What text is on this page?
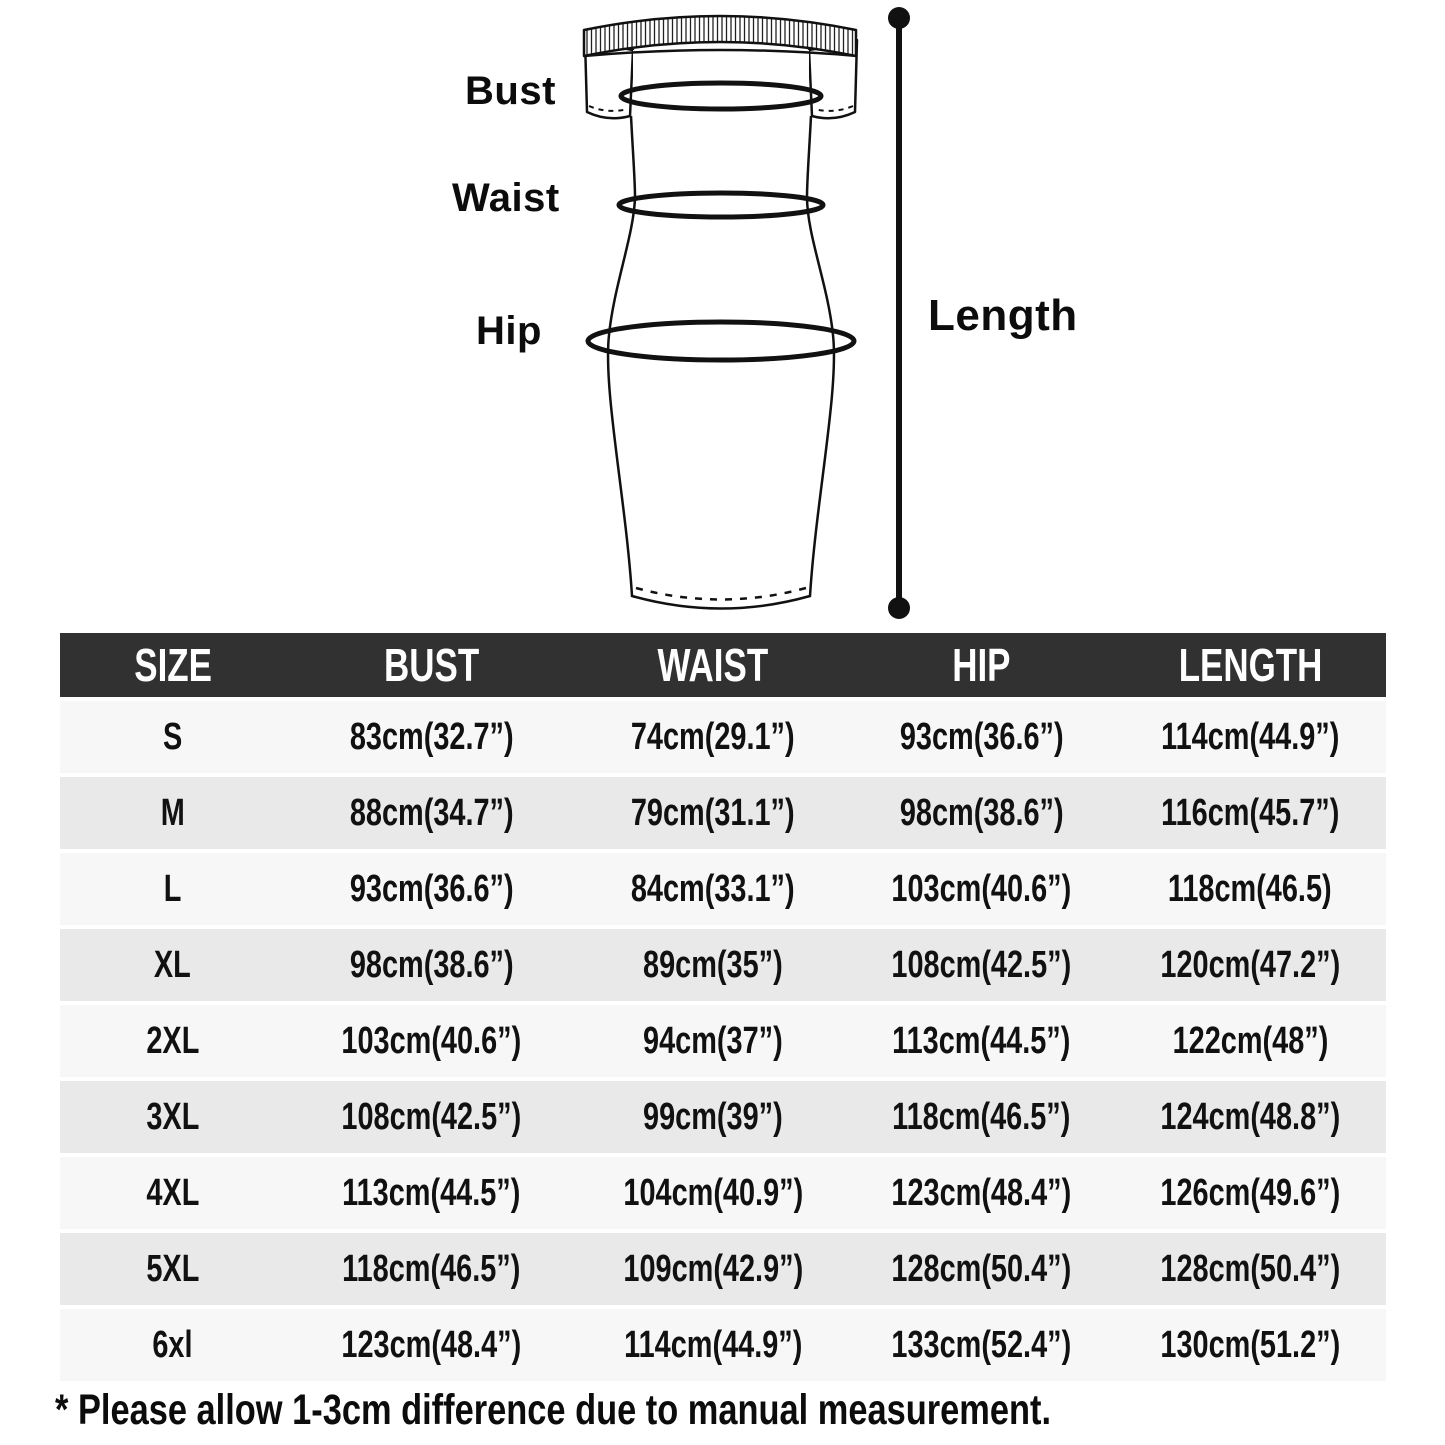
Bust
Waist
Hip	Length
SIZE	BUST	WAIST	HIP	LENGTH
S	83cm(32.7”)	74cm(29.1”)	93cm(36.6”)	114cm(44.9”)
M	88cm(34.7”)	79cm(31.1”)	98cm(38.6”)	116cm(45.7”)
L	93cm(36.6”)	84cm(33.1”)	103cm(40.6”)	118cm(46.5)
XL	98cm(38.6”)	89cm(35”)	108cm(42.5”)	120cm(47.2”)
2XL	103cm(40.6”)	94cm(37”)	113cm(44.5”)	122cm(48”)
3XL	108cm(42.5”)	99cm(39”)	118cm(46.5”)	124cm(48.8”)
4XL	113cm(44.5”)	104cm(40.9”)	123cm(48.4”)	126cm(49.6”)
5XL	118cm(46.5”)	109cm(42.9”)	128cm(50.4”)	128cm(50.4”)
6xl	123cm(48.4”)	114cm(44.9”)	133cm(52.4”)	130cm(51.2”)
* Please allow 1-3cm difference due to manual measurement.
